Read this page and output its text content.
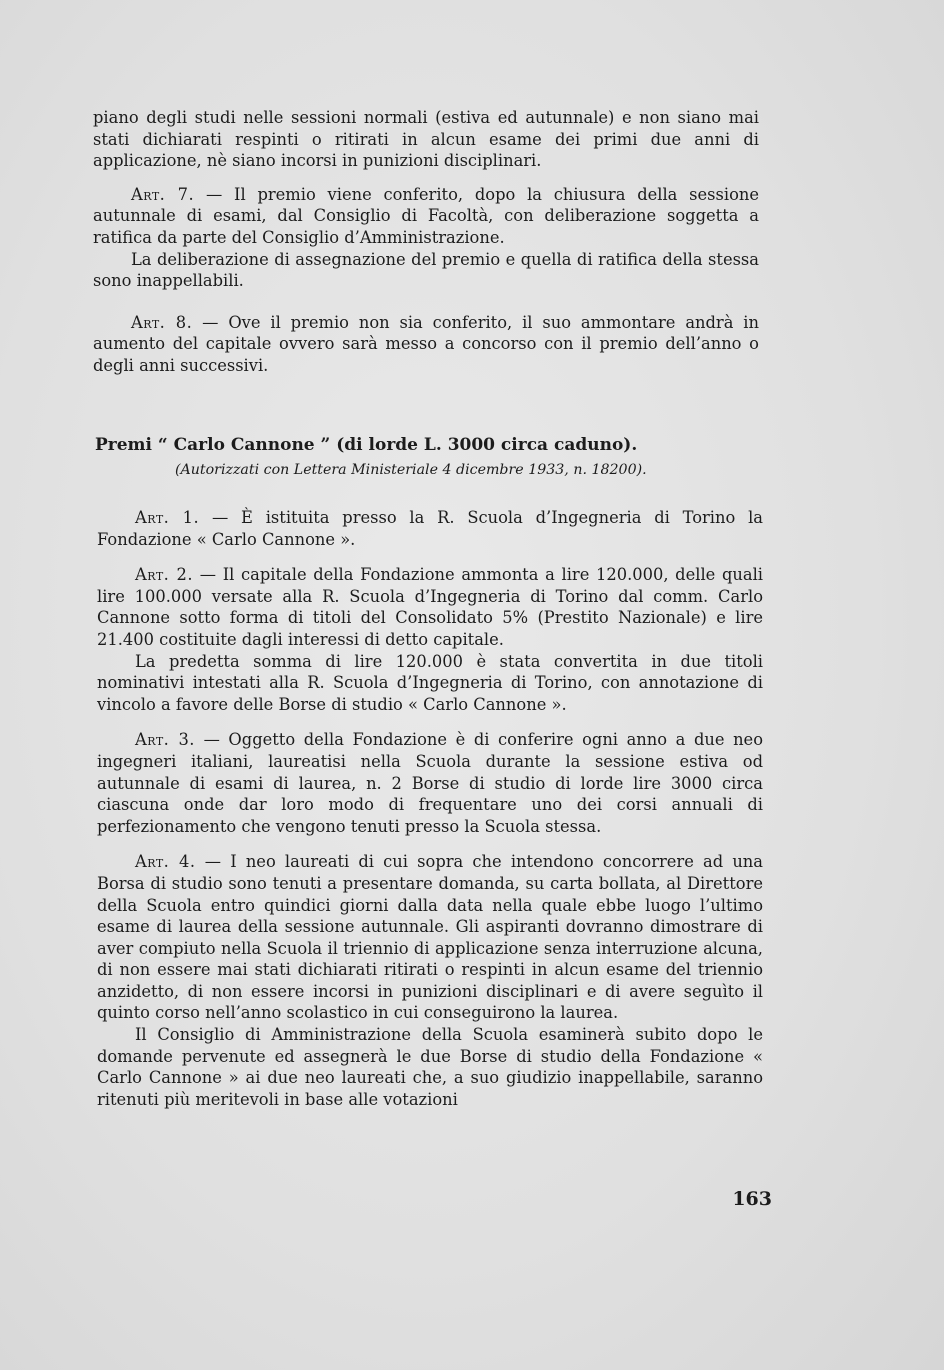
piano degli studi nelle sessioni normali (estiva ed autunnale) e non siano mai stati dichiarati respinti o ritirati in alcun esame dei primi due anni di applicazione, nè siano incorsi in punizioni disciplinari.

Art. 7. — Il premio viene conferito, dopo la chiusura della sessione autunnale di esami, dal Consiglio di Facoltà, con deliberazione soggetta a ratifica da parte del Consiglio d’Amministrazione.

La deliberazione di assegnazione del premio e quella di ratifica della stessa sono inappellabili.

Art. 8. — Ove il premio non sia conferito, il suo ammontare andrà in aumento del capitale ovvero sarà messo a concorso con il premio dell’anno o degli anni successivi.

Premi “ Carlo Cannone ” (di lorde L. 3000 circa caduno).

(Autorizzati con Lettera Ministeriale 4 dicembre 1933, n. 18200).

Art. 1. — È istituita presso la R. Scuola d’Ingegneria di Torino la Fondazione « Carlo Cannone ».

Art. 2. — Il capitale della Fondazione ammonta a lire 120.000, delle quali lire 100.000 versate alla R. Scuola d’Ingegneria di Torino dal comm. Carlo Cannone sotto forma di titoli del Consolidato 5% (Prestito Nazionale) e lire 21.400 costituite dagli interessi di detto capitale.

La predetta somma di lire 120.000 è stata convertita in due titoli nominativi intestati alla R. Scuola d’Ingegneria di Torino, con annotazione di vincolo a favore delle Borse di studio « Carlo Cannone ».

Art. 3. — Oggetto della Fondazione è di conferire ogni anno a due neo ingegneri italiani, laureatisi nella Scuola durante la sessione estiva od autunnale di esami di laurea, n. 2 Borse di studio di lorde lire 3000 circa ciascuna onde dar loro modo di frequentare uno dei corsi annuali di perfezionamento che vengono tenuti presso la Scuola stessa.

Art. 4. — I neo laureati di cui sopra che intendono concorrere ad una Borsa di studio sono tenuti a presentare domanda, su carta bollata, al Direttore della Scuola entro quindici giorni dalla data nella quale ebbe luogo l’ultimo esame di laurea della sessione autunnale. Gli aspiranti dovranno dimostrare di aver compiuto nella Scuola il triennio di applicazione senza interruzione alcuna, di non essere mai stati dichiarati ritirati o respinti in alcun esame del triennio anzidetto, di non essere incorsi in punizioni disciplinari e di avere seguìto il quinto corso nell’anno scolastico in cui conseguirono la laurea.

Il Consiglio di Amministrazione della Scuola esaminerà subito dopo le domande pervenute ed assegnerà le due Borse di studio della Fondazione « Carlo Cannone » ai due neo laureati che, a suo giudizio inappellabile, saranno ritenuti più meritevoli in base alle votazioni

163
